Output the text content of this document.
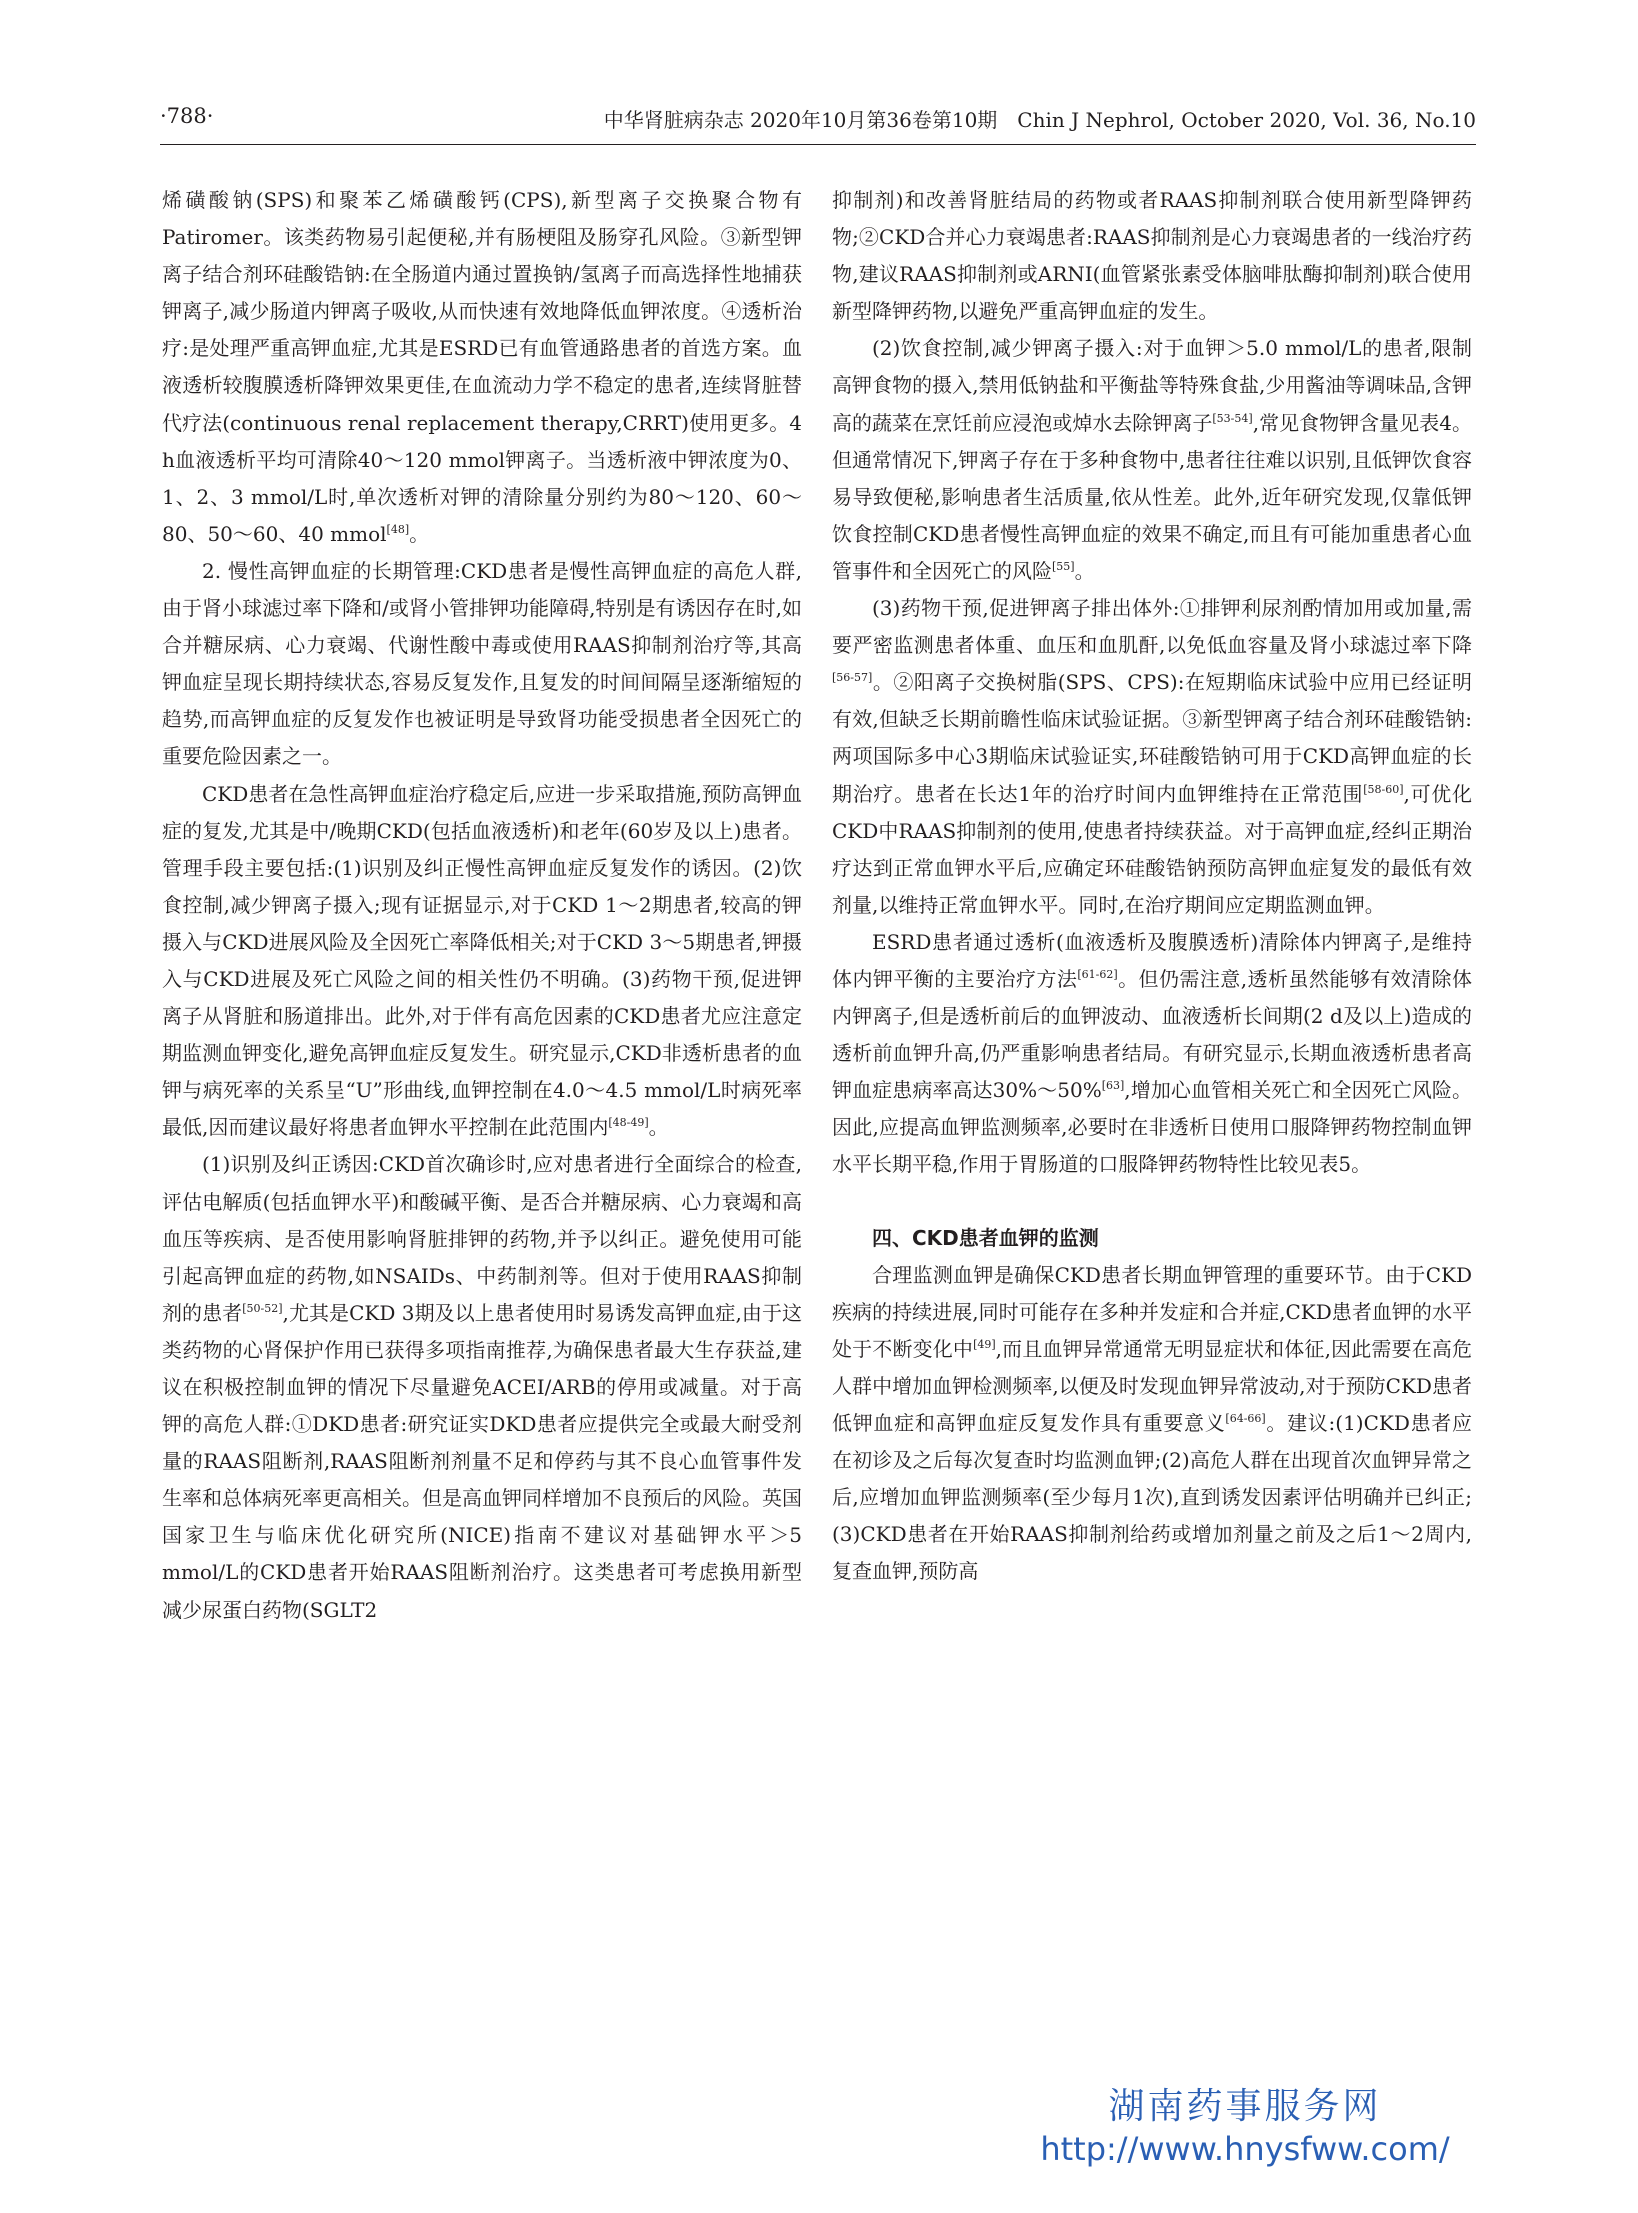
·788·	中华肾脏病杂志 2020年10月第36卷第10期　Chin J Nephrol, October 2020, Vol. 36, No.10

烯磺酸钠(SPS)和聚苯乙烯磺酸钙(CPS),新型离子交换聚合物有Patiromer。该类药物易引起便秘,并有肠梗阻及肠穿孔风险。③新型钾离子结合剂环硅酸锆钠:在全肠道内通过置换钠/氢离子而高选择性地捕获钾离子,减少肠道内钾离子吸收,从而快速有效地降低血钾浓度。④透析治疗:是处理严重高钾血症,尤其是ESRD已有血管通路患者的首选方案。血液透析较腹膜透析降钾效果更佳,在血流动力学不稳定的患者,连续肾脏替代疗法(continuous renal replacement therapy,CRRT)使用更多。4 h血液透析平均可清除40～120 mmol钾离子。当透析液中钾浓度为0、1、2、3 mmol/L时,单次透析对钾的清除量分别约为80～120、60～80、50～60、40 mmol[48]。

2. 慢性高钾血症的长期管理:CKD患者是慢性高钾血症的高危人群,由于肾小球滤过率下降和/或肾小管排钾功能障碍,特别是有诱因存在时,如合并糖尿病、心力衰竭、代谢性酸中毒或使用RAAS抑制剂治疗等,其高钾血症呈现长期持续状态,容易反复发作,且复发的时间间隔呈逐渐缩短的趋势,而高钾血症的反复发作也被证明是导致肾功能受损患者全因死亡的重要危险因素之一。

CKD患者在急性高钾血症治疗稳定后,应进一步采取措施,预防高钾血症的复发,尤其是中/晚期CKD(包括血液透析)和老年(60岁及以上)患者。管理手段主要包括:(1)识别及纠正慢性高钾血症反复发作的诱因。(2)饮食控制,减少钾离子摄入;现有证据显示,对于CKD 1～2期患者,较高的钾摄入与CKD进展风险及全因死亡率降低相关;对于CKD 3～5期患者,钾摄入与CKD进展及死亡风险之间的相关性仍不明确。(3)药物干预,促进钾离子从肾脏和肠道排出。此外,对于伴有高危因素的CKD患者尤应注意定期监测血钾变化,避免高钾血症反复发生。研究显示,CKD非透析患者的血钾与病死率的关系呈“U”形曲线,血钾控制在4.0～4.5 mmol/L时病死率最低,因而建议最好将患者血钾水平控制在此范围内[48-49]。

(1)识别及纠正诱因:CKD首次确诊时,应对患者进行全面综合的检查,评估电解质(包括血钾水平)和酸碱平衡、是否合并糖尿病、心力衰竭和高血压等疾病、是否使用影响肾脏排钾的药物,并予以纠正。避免使用可能引起高钾血症的药物,如NSAIDs、中药制剂等。但对于使用RAAS抑制剂的患者[50-52],尤其是CKD 3期及以上患者使用时易诱发高钾血症,由于这类药物的心肾保护作用已获得多项指南推荐,为确保患者最大生存获益,建议在积极控制血钾的情况下尽量避免ACEI/ARB的停用或减量。对于高钾的高危人群:①DKD患者:研究证实DKD患者应提供完全或最大耐受剂量的RAAS阻断剂,RAAS阻断剂剂量不足和停药与其不良心血管事件发生率和总体病死率更高相关。但是高血钾同样增加不良预后的风险。英国国家卫生与临床优化研究所(NICE)指南不建议对基础钾水平＞5 mmol/L的CKD患者开始RAAS阻断剂治疗。这类患者可考虑换用新型减少尿蛋白药物(SGLT2

抑制剂)和改善肾脏结局的药物或者RAAS抑制剂联合使用新型降钾药物;②CKD合并心力衰竭患者:RAAS抑制剂是心力衰竭患者的一线治疗药物,建议RAAS抑制剂或ARNI(血管紧张素受体脑啡肽酶抑制剂)联合使用新型降钾药物,以避免严重高钾血症的发生。

(2)饮食控制,减少钾离子摄入:对于血钾＞5.0 mmol/L的患者,限制高钾食物的摄入,禁用低钠盐和平衡盐等特殊食盐,少用酱油等调味品,含钾高的蔬菜在烹饪前应浸泡或焯水去除钾离子[53-54],常见食物钾含量见表4。但通常情况下,钾离子存在于多种食物中,患者往往难以识别,且低钾饮食容易导致便秘,影响患者生活质量,依从性差。此外,近年研究发现,仅靠低钾饮食控制CKD患者慢性高钾血症的效果不确定,而且有可能加重患者心血管事件和全因死亡的风险[55]。

(3)药物干预,促进钾离子排出体外:①排钾利尿剂酌情加用或加量,需要严密监测患者体重、血压和血肌酐,以免低血容量及肾小球滤过率下降[56-57]。②阳离子交换树脂(SPS、CPS):在短期临床试验中应用已经证明有效,但缺乏长期前瞻性临床试验证据。③新型钾离子结合剂环硅酸锆钠:两项国际多中心3期临床试验证实,环硅酸锆钠可用于CKD高钾血症的长期治疗。患者在长达1年的治疗时间内血钾维持在正常范围[58-60],可优化CKD中RAAS抑制剂的使用,使患者持续获益。对于高钾血症,经纠正期治疗达到正常血钾水平后,应确定环硅酸锆钠预防高钾血症复发的最低有效剂量,以维持正常血钾水平。同时,在治疗期间应定期监测血钾。

ESRD患者通过透析(血液透析及腹膜透析)清除体内钾离子,是维持体内钾平衡的主要治疗方法[61-62]。但仍需注意,透析虽然能够有效清除体内钾离子,但是透析前后的血钾波动、血液透析长间期(2 d及以上)造成的透析前血钾升高,仍严重影响患者结局。有研究显示,长期血液透析患者高钾血症患病率高达30%～50%[63],增加心血管相关死亡和全因死亡风险。因此,应提高血钾监测频率,必要时在非透析日使用口服降钾药物控制血钾水平长期平稳,作用于胃肠道的口服降钾药物特性比较见表5。

四、CKD患者血钾的监测

合理监测血钾是确保CKD患者长期血钾管理的重要环节。由于CKD疾病的持续进展,同时可能存在多种并发症和合并症,CKD患者血钾的水平处于不断变化中[49],而且血钾异常通常无明显症状和体征,因此需要在高危人群中增加血钾检测频率,以便及时发现血钾异常波动,对于预防CKD患者低钾血症和高钾血症反复发作具有重要意义[64-66]。建议:(1)CKD患者应在初诊及之后每次复查时均监测血钾;(2)高危人群在出现首次血钾异常之后,应增加血钾监测频率(至少每月1次),直到诱发因素评估明确并已纠正;(3)CKD患者在开始RAAS抑制剂给药或增加剂量之前及之后1～2周内,复查血钾,预防高

湖南药事服务网
http://www.hnysfww.com/
